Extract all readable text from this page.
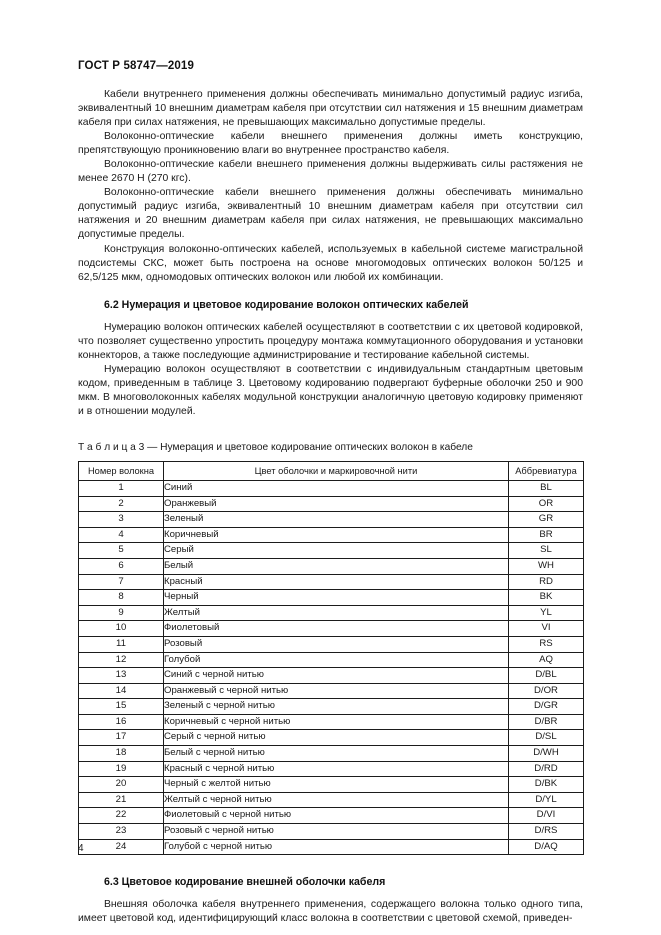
ГОСТ Р 58747—2019

Кабели внутреннего применения должны обеспечивать минимально допустимый радиус изгиба, эквивалентный 10 внешним диаметрам кабеля при отсутствии сил натяжения и 15 внешним диаметрам кабеля при силах натяжения, не превышающих максимально допустимые пределы.

Волоконно-оптические кабели внешнего применения должны иметь конструкцию, препятствующую проникновению влаги во внутреннее пространство кабеля.

Волоконно-оптические кабели внешнего применения должны выдерживать силы растяжения не менее 2670 Н (270 кгс).

Волоконно-оптические кабели внешнего применения должны обеспечивать минимально допустимый радиус изгиба, эквивалентный 10 внешним диаметрам кабеля при отсутствии сил натяжения и 20 внешним диаметрам кабеля при силах натяжения, не превышающих максимально допустимые пределы.

Конструкция волоконно-оптических кабелей, используемых в кабельной системе магистральной подсистемы СКС, может быть построена на основе многомодовых оптических волокон 50/125 и 62,5/125 мкм, одномодовых оптических волокон или любой их комбинации.

6.2 Нумерация и цветовое кодирование волокон оптических кабелей

Нумерацию волокон оптических кабелей осуществляют в соответствии с их цветовой кодировкой, что позволяет существенно упростить процедуру монтажа коммутационного оборудования и установки коннекторов, а также последующие администрирование и тестирование кабельной системы.

Нумерацию волокон осуществляют в соответствии с индивидуальным стандартным цветовым кодом, приведенным в таблице 3. Цветовому кодированию подвергают буферные оболочки 250 и 900 мкм. В многоволоконных кабелях модульной конструкции аналогичную цветовую кодировку применяют и в отношении модулей.

Т а б л и ц а 3 — Нумерация и цветовое кодирование оптических волокон в кабеле
Номер волокна	Цвет оболочки и маркировочной нити	Аббревиатура
1	Синий	BL
2	Оранжевый	OR
3	Зеленый	GR
4	Коричневый	BR
5	Серый	SL
6	Белый	WH
7	Красный	RD
8	Черный	BK
9	Желтый	YL
10	Фиолетовый	VI
11	Розовый	RS
12	Голубой	AQ
13	Синий с черной нитью	D/BL
14	Оранжевый с черной нитью	D/OR
15	Зеленый с черной нитью	D/GR
16	Коричневый с черной нитью	D/BR
17	Серый с черной нитью	D/SL
18	Белый с черной нитью	D/WH
19	Красный с черной нитью	D/RD
20	Черный с желтой нитью	D/BK
21	Желтый с черной нитью	D/YL
22	Фиолетовый с черной нитью	D/VI
23	Розовый с черной нитью	D/RS
24	Голубой с черной нитью	D/AQ
6.3 Цветовое кодирование внешней оболочки кабеля

Внешняя оболочка кабеля внутреннего применения, содержащего волокна только одного типа, имеет цветовой код, идентифицирующий класс волокна в соответствии с цветовой схемой, приведен-

4
